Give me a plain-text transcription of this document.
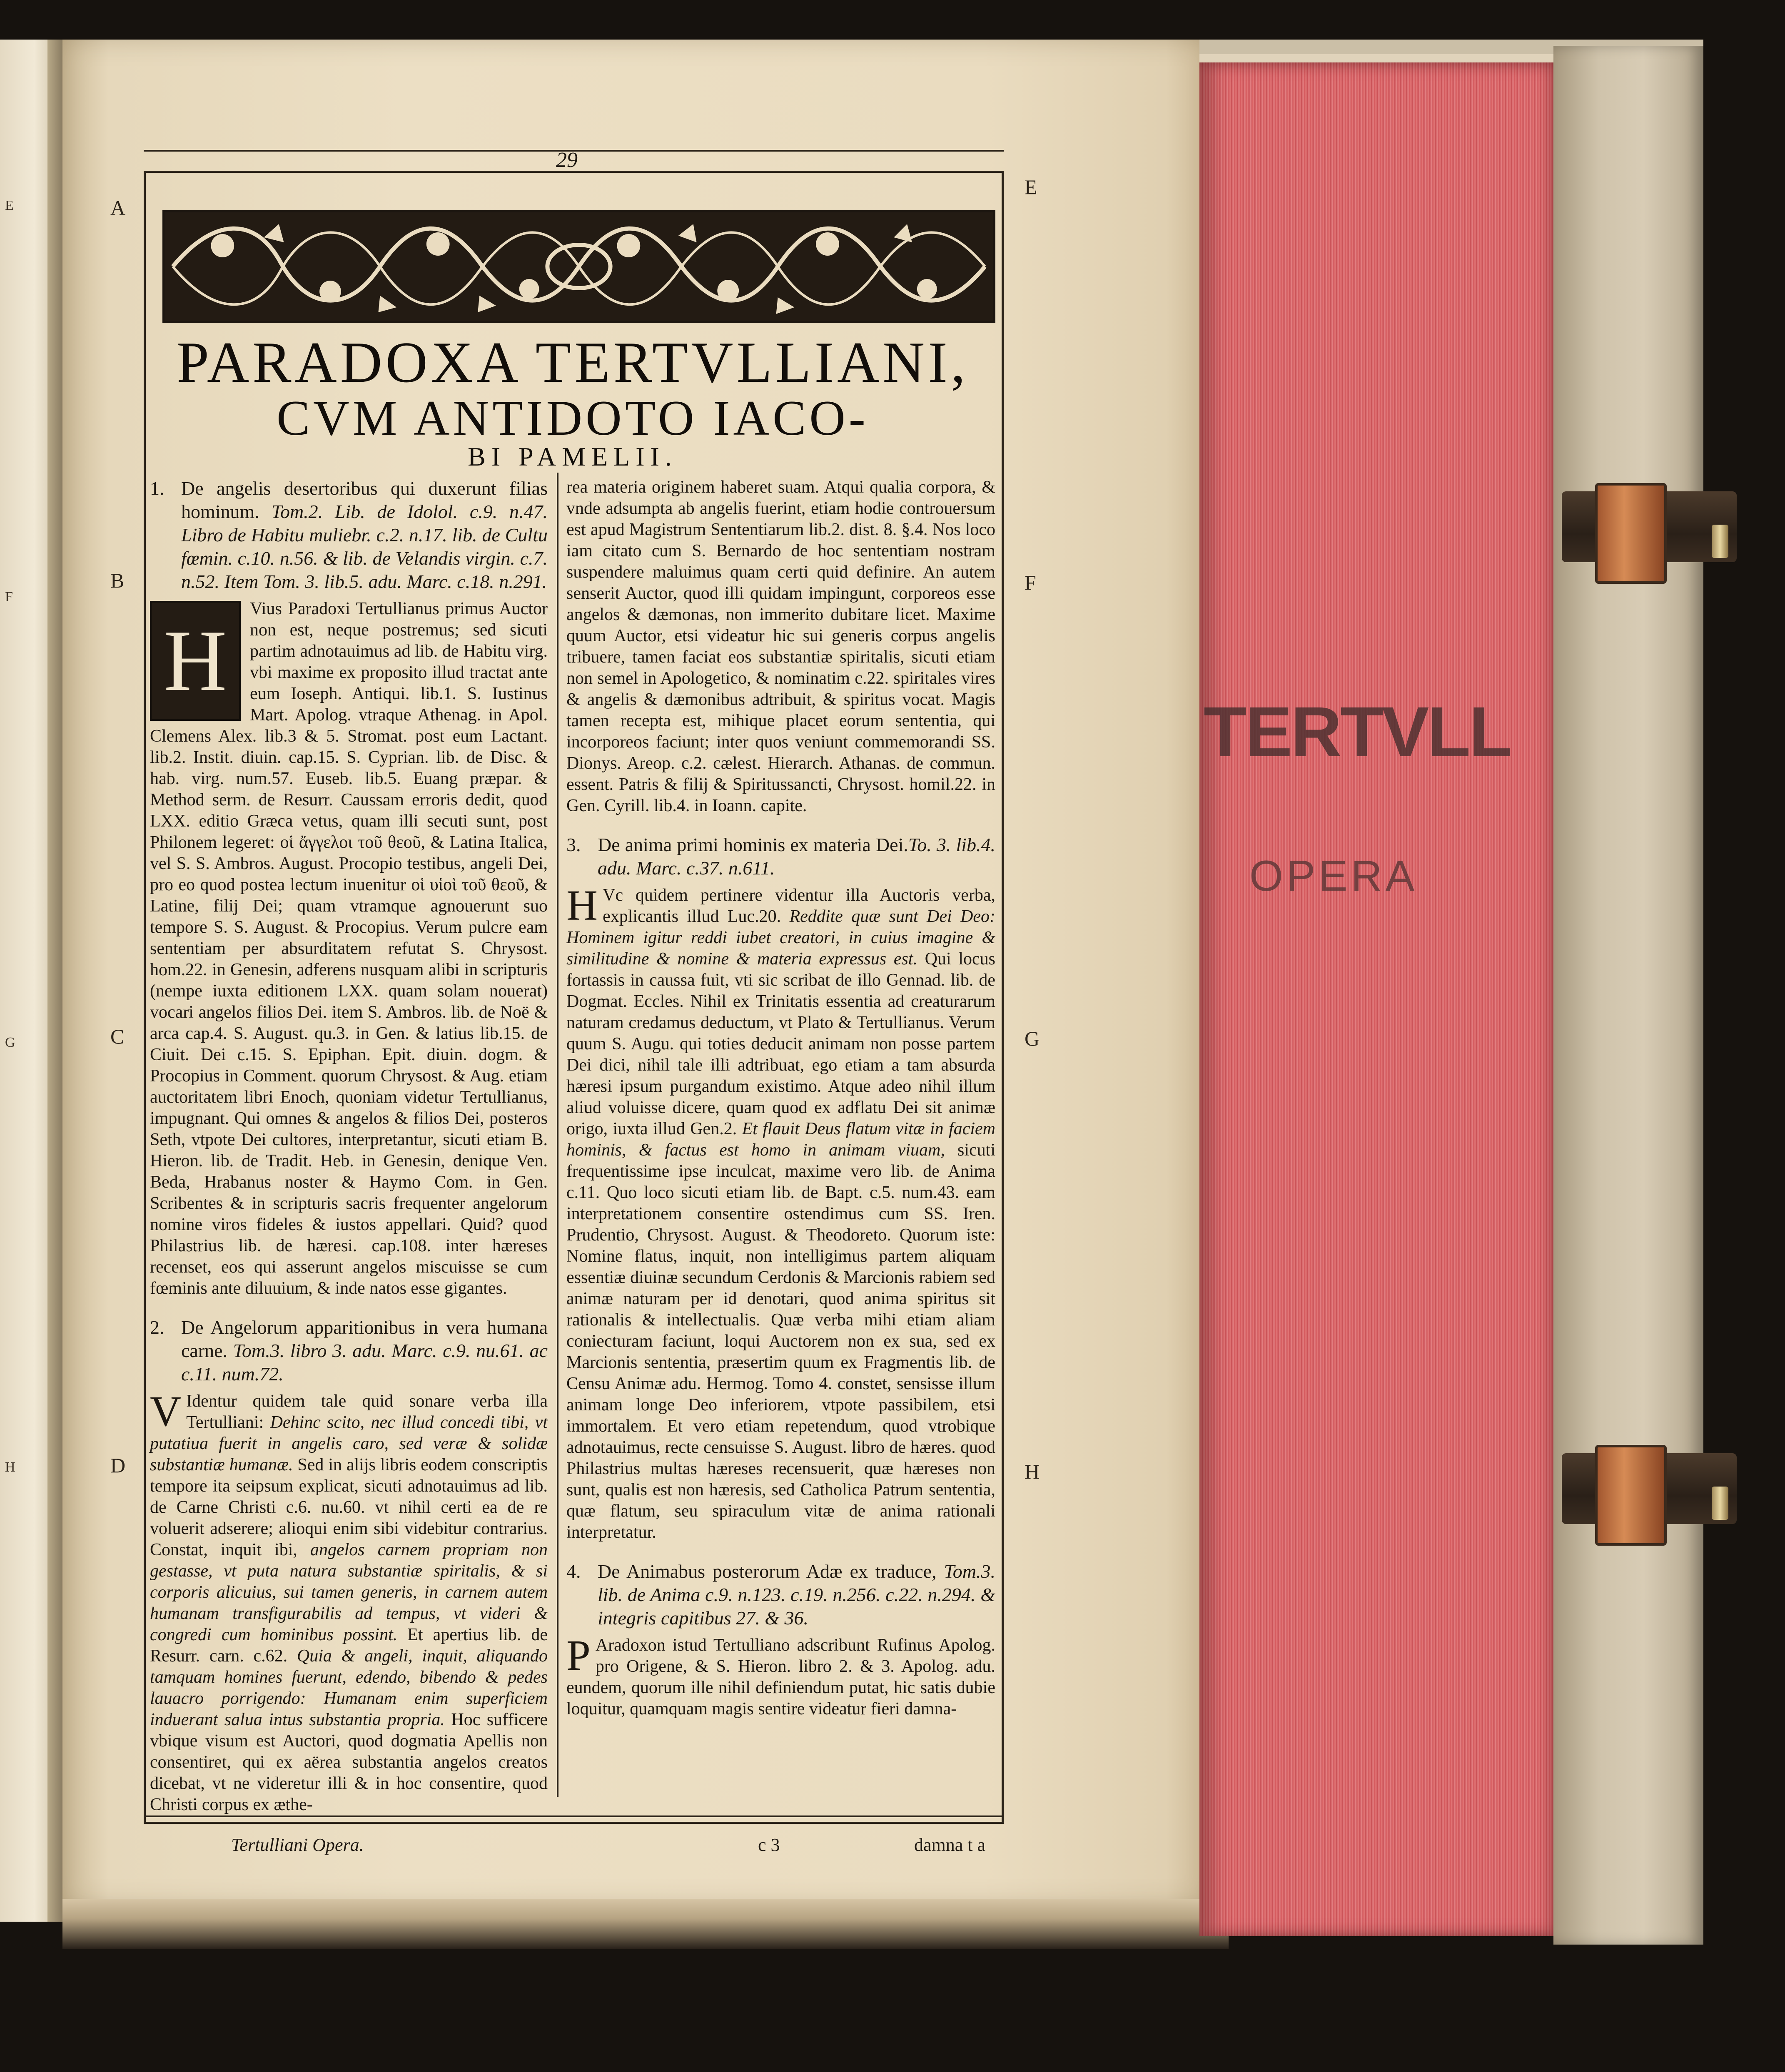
E
F
G
H
TERTVLL
OPERA
29
A
B
C
D
E
F
G
H
PARADOXA TERTVLLIANI,
CVM ANTIDOTO IACO-
BI PAMELII.

1. De angelis desertoribus qui duxerunt filias hominum. Tom.2. Lib. de Idolol. c.9. n.47. Libro de Habitu muliebr. c.2. n.17. lib. de Cultu fœmin. c.10. n.56. & lib. de Velandis virgin. c.7. n.52. Item Tom. 3. lib.5. adu. Marc. c.18. n.291.

H
Vius Paradoxi Tertullianus primus Auctor non est, neque postremus; sed sicuti partim adnotauimus ad lib. de Habitu virg. vbi maxime ex proposito illud tractat ante eum Ioseph. Antiqui. lib.1. S. Iustinus Mart. Apolog. vtraque Athenag. in Apol. Clemens Alex. lib.3 & 5. Stromat. post eum Lactant. lib.2. Instit. diuin. cap.15. S. Cyprian. lib. de Disc. & hab. virg. num.57. Euseb. lib.5. Euang præpar. & Method serm. de Resurr. Caussam erroris dedit, quod LXX. editio Græca vetus, quam illi secuti sunt, post Philonem legeret: οἱ ἄγγελοι τοῦ θεοῦ, & Latina Italica, vel S. S. Ambros. August. Procopio testibus, angeli Dei, pro eo quod postea lectum inuenitur οἱ υἱοὶ τοῦ θεοῦ, & Latine, filij Dei; quam vtramque agnouerunt suo tempore S. S. August. & Procopius. Verum pulcre eam sententiam per absurditatem refutat S. Chrysost. hom.22. in Genesin, adferens nusquam alibi in scripturis (nempe iuxta editionem LXX. quam solam nouerat) vocari angelos filios Dei. item S. Ambros. lib. de Noë & arca cap.4. S. August. qu.3. in Gen. & latius lib.15. de Ciuit. Dei c.15. S. Epiphan. Epit. diuin. dogm. & Procopius in Comment. quorum Chrysost. & Aug. etiam auctoritatem libri Enoch, quoniam videtur Tertullianus, impugnant. Qui omnes & angelos & filios Dei, posteros Seth, vtpote Dei cultores, interpretantur, sicuti etiam B. Hieron. lib. de Tradit. Heb. in Genesin, denique Ven. Beda, Hrabanus noster & Haymo Com. in Gen. Scribentes & in scripturis sacris frequenter angelorum nomine viros fideles & iustos appellari. Quid? quod Philastrius lib. de hæresi. cap.108. inter hæreses recenset, eos qui asserunt angelos miscuisse se cum fœminis ante diluuium, & inde natos esse gigantes.

2. De Angelorum apparitionibus in vera humana carne. Tom.3. libro 3. adu. Marc. c.9. nu.61. ac c.11. num.72.

V Identur quidem tale quid sonare verba illa Tertulliani: Dehinc scito, nec illud concedi tibi, vt putatiua fuerit in angelis caro, sed veræ & solidæ substantiæ humanæ. Sed in alijs libris eodem conscriptis tempore ita seipsum explicat, sicuti adnotauimus ad lib. de Carne Christi c.6. nu.60. vt nihil certi ea de re voluerit adserere; alioqui enim sibi videbitur contrarius. Constat, inquit ibi, angelos carnem propriam non gestasse, vt puta natura substantiæ spiritalis, & si corporis alicuius, sui tamen generis, in carnem autem humanam transfigurabilis ad tempus, vt videri & congredi cum hominibus possint. Et apertius lib. de Resurr. carn. c.62. Quia & angeli, inquit, aliquando tamquam homines fuerunt, edendo, bibendo & pedes lauacro porrigendo: Humanam enim superficiem induerant salua intus substantia propria. Hoc sufficere vbique visum est Auctori, quod dogmatia Apellis non consentiret, qui ex aërea substantia angelos creatos dicebat, vt ne videretur illi & in hoc consentire, quod Christi corpus ex æthe-

rea materia originem haberet suam. Atqui qualia corpora, & vnde adsumpta ab angelis fuerint, etiam hodie controuersum est apud Magistrum Sententiarum lib.2. dist. 8. §.4. Nos loco iam citato cum S. Bernardo de hoc sententiam nostram suspendere maluimus quam certi quid definire. An autem senserit Auctor, quod illi quidam impingunt, corporeos esse angelos & dæmonas, non immerito dubitare licet. Maxime quum Auctor, etsi videatur hic sui generis corpus angelis tribuere, tamen faciat eos substantiæ spiritalis, sicuti etiam non semel in Apologetico, & nominatim c.22. spiritales vires & angelis & dæmonibus adtribuit, & spiritus vocat. Magis tamen recepta est, mihique placet eorum sententia, qui incorporeos faciunt; inter quos veniunt commemorandi SS. Dionys. Areop. c.2. cælest. Hierarch. Athanas. de commun. essent. Patris & filij & Spiritussancti, Chrysost. homil.22. in Gen. Cyrill. lib.4. in Ioann. capite.

3. De anima primi hominis ex materia Dei.To. 3. lib.4. adu. Marc. c.37. n.611.

H Vc quidem pertinere videntur illa Auctoris verba, explicantis illud Luc.20. Reddite quæ sunt Dei Deo: Hominem igitur reddi iubet creatori, in cuius imagine & similitudine & nomine & materia expressus est. Qui locus fortassis in caussa fuit, vti sic scribat de illo Gennad. lib. de Dogmat. Eccles. Nihil ex Trinitatis essentia ad creaturarum naturam credamus deductum, vt Plato & Tertullianus. Verum quum S. Augu. qui toties deducit animam non posse partem Dei dici, nihil tale illi adtribuat, ego etiam a tam absurda hæresi ipsum purgandum existimo. Atque adeo nihil illum aliud voluisse dicere, quam quod ex adflatu Dei sit animæ origo, iuxta illud Gen.2. Et flauit Deus flatum vitæ in faciem hominis, & factus est homo in animam viuam, sicuti frequentissime ipse inculcat, maxime vero lib. de Anima c.11. Quo loco sicuti etiam lib. de Bapt. c.5. num.43. eam interpretationem consentire ostendimus cum SS. Iren. Prudentio, Chrysost. August. & Theodoreto. Quorum iste: Nomine flatus, inquit, non intelligimus partem aliquam essentiæ diuinæ secundum Cerdonis & Marcionis rabiem sed animæ naturam per id denotari, quod anima spiritus sit rationalis & intellectualis. Quæ verba mihi etiam aliam coniecturam faciunt, loqui Auctorem non ex sua, sed ex Marcionis sententia, præsertim quum ex Fragmentis lib. de Censu Animæ adu. Hermog. Tomo 4. constet, sensisse illum animam longe Deo inferiorem, vtpote passibilem, etsi immortalem. Et vero etiam repetendum, quod vtrobique adnotauimus, recte censuisse S. August. libro de hæres. quod Philastrius multas hæreses recensuerit, quæ hæreses non sunt, qualis est non hæresis, sed Catholica Patrum sententia, quæ flatum, seu spiraculum vitæ de anima rationali interpretatur.

4. De Animabus posterorum Adæ ex traduce, Tom.3. lib. de Anima c.9. n.123. c.19. n.256. c.22. n.294. & integris capitibus 27. & 36.

P Aradoxon istud Tertulliano adscribunt Rufinus Apolog. pro Origene, & S. Hieron. libro 2. & 3. Apolog. adu. eundem, quorum ille nihil definiendum putat, hic satis dubie loquitur, quamquam magis sentire videatur fieri damna-

Tertulliani Opera.	c 3	damna t a
